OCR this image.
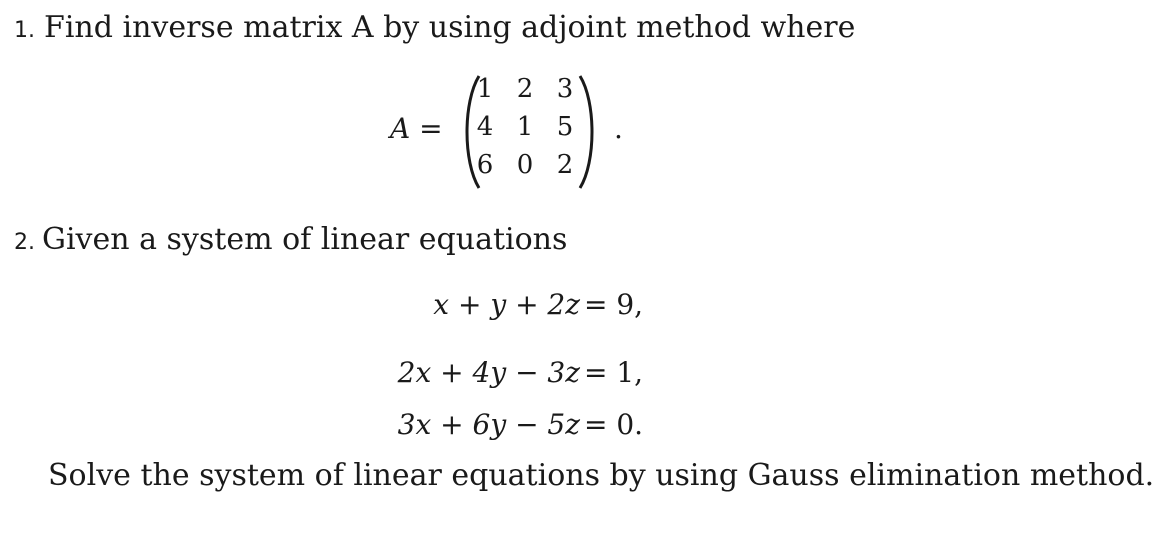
1. Find inverse matrix A by using adjoint method where
A =
1 2 3
4 1 5
6 0 2
.
2. Given a system of linear equations
x + y + 2z = 9,
2x + 4y − 3z = 1,
3x + 6y − 5z = 0.
Solve the system of linear equations by using Gauss elimination method.
